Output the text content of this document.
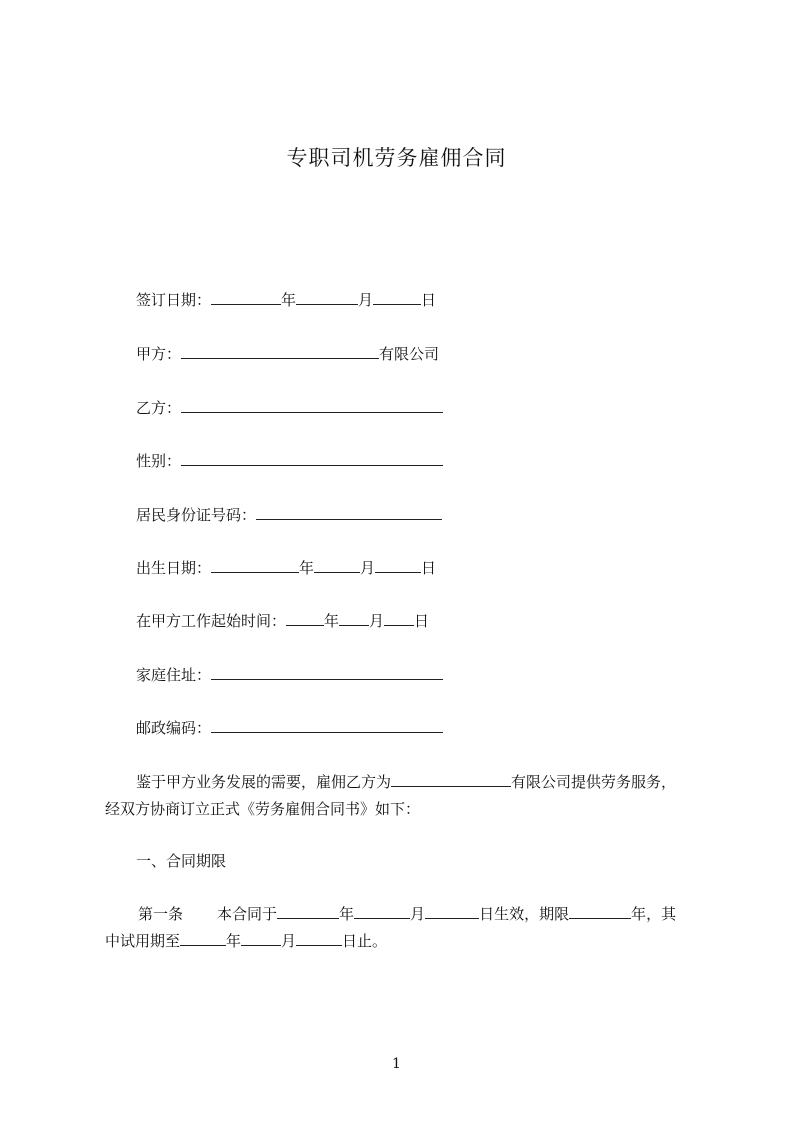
专职司机劳务雇佣合同
签订日期：	年	月	日
甲方：	有限公司
乙方：
性别：
居民身份证号码：
出生日期：	年	月	日
在甲方工作起始时间：	年 月 日
家庭住址：
邮政编码：
鉴于甲方业务发展的需要，雇佣乙方为	有限公司提供劳务服务，
经双方协商订立正式《劳务雇佣合同书》如下：
一、合同期限
第一条 本合同于	年	月	日生效，期限	年，其
中试用期至	年	月	日止。
1
